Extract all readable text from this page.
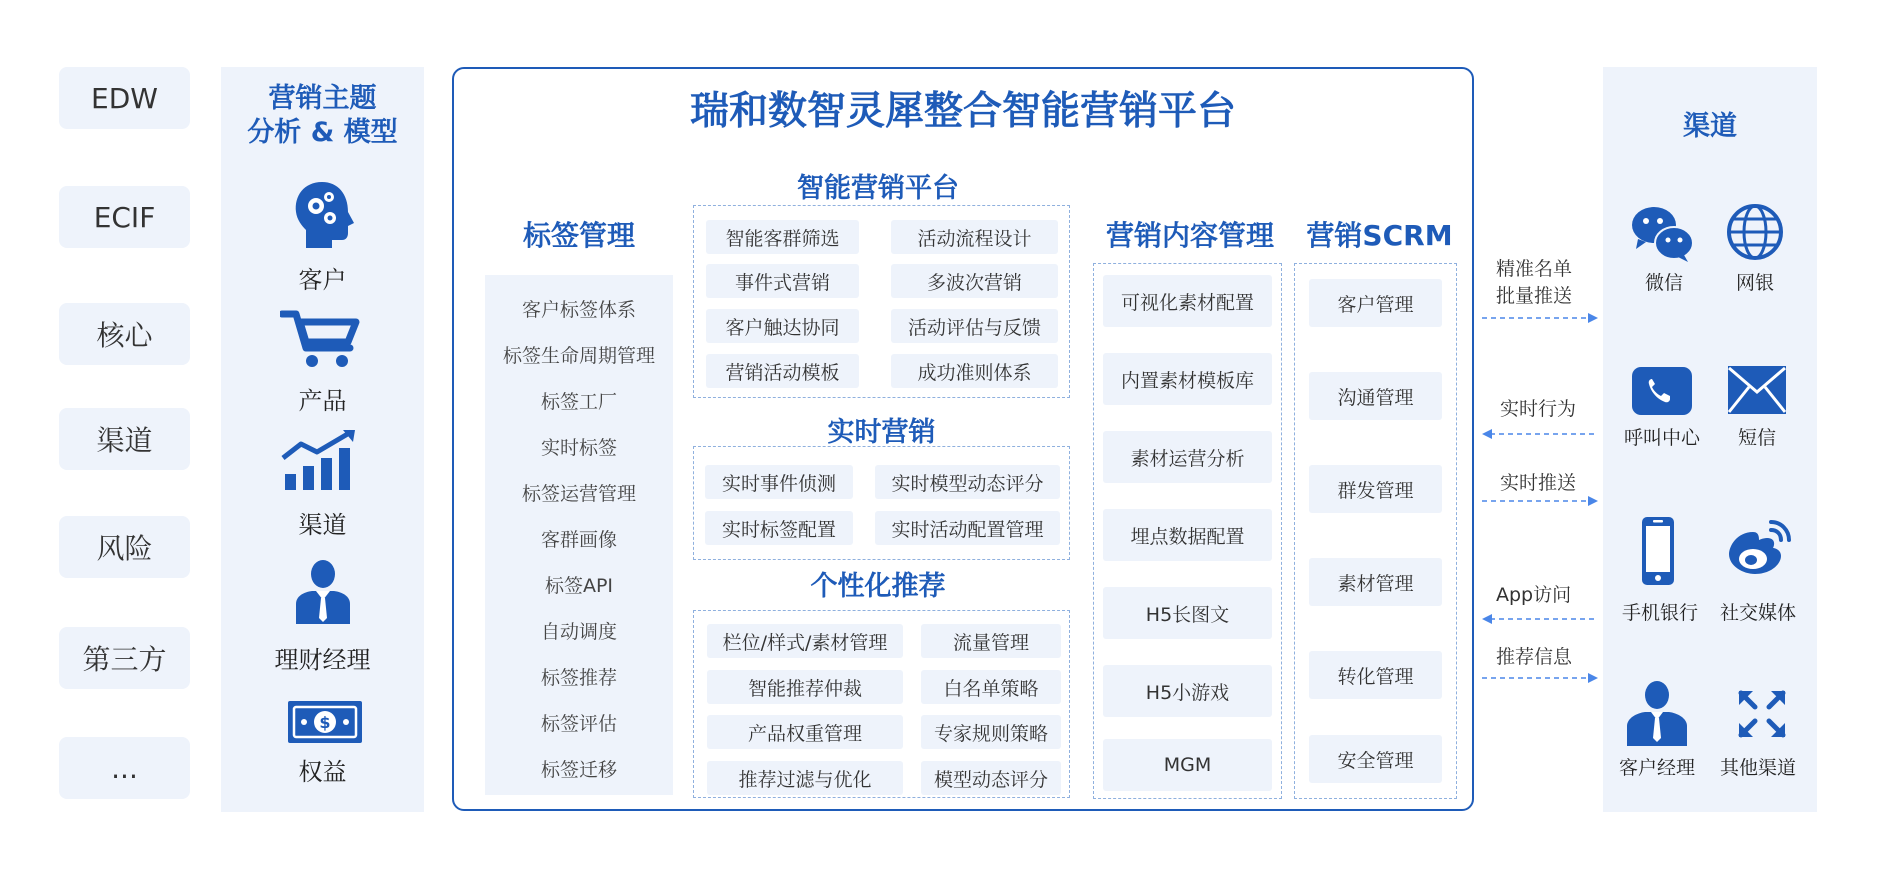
EDW
ECIF
核心
渠道
风险
第三方
...
营销主题
分析 & 模型
客户
产品
渠道
理财经理
$
权益
瑞和数智灵犀整合智能营销平台
标签管理
客户标签体系
标签生命周期管理
标签工厂
实时标签
标签运营管理
客群画像
标签API
自动调度
标签推荐
标签评估
标签迁移
智能营销平台
智能客群筛选	活动流程设计
事件式营销	多波次营销
客户触达协同	活动评估与反馈
营销活动模板	成功准则体系
实时营销
实时事件侦测	实时模型动态评分
实时标签配置	实时活动配置管理
个性化推荐
栏位/样式/素材管理	流量管理
智能推荐仲裁	白名单策略
产品权重管理	专家规则策略
推荐过滤与优化	模型动态评分
营销内容管理
可视化素材配置
内置素材模板库
素材运营分析
埋点数据配置
H5长图文
H5小游戏
MGM
营销SCRM
客户管理
沟通管理
群发管理
素材管理
转化管理
安全管理
精准名单
批量推送
实时行为
实时推送
App访问
推荐信息
渠道
微信	网银
呼叫中心	短信
手机银行	社交媒体
客户经理	其他渠道
